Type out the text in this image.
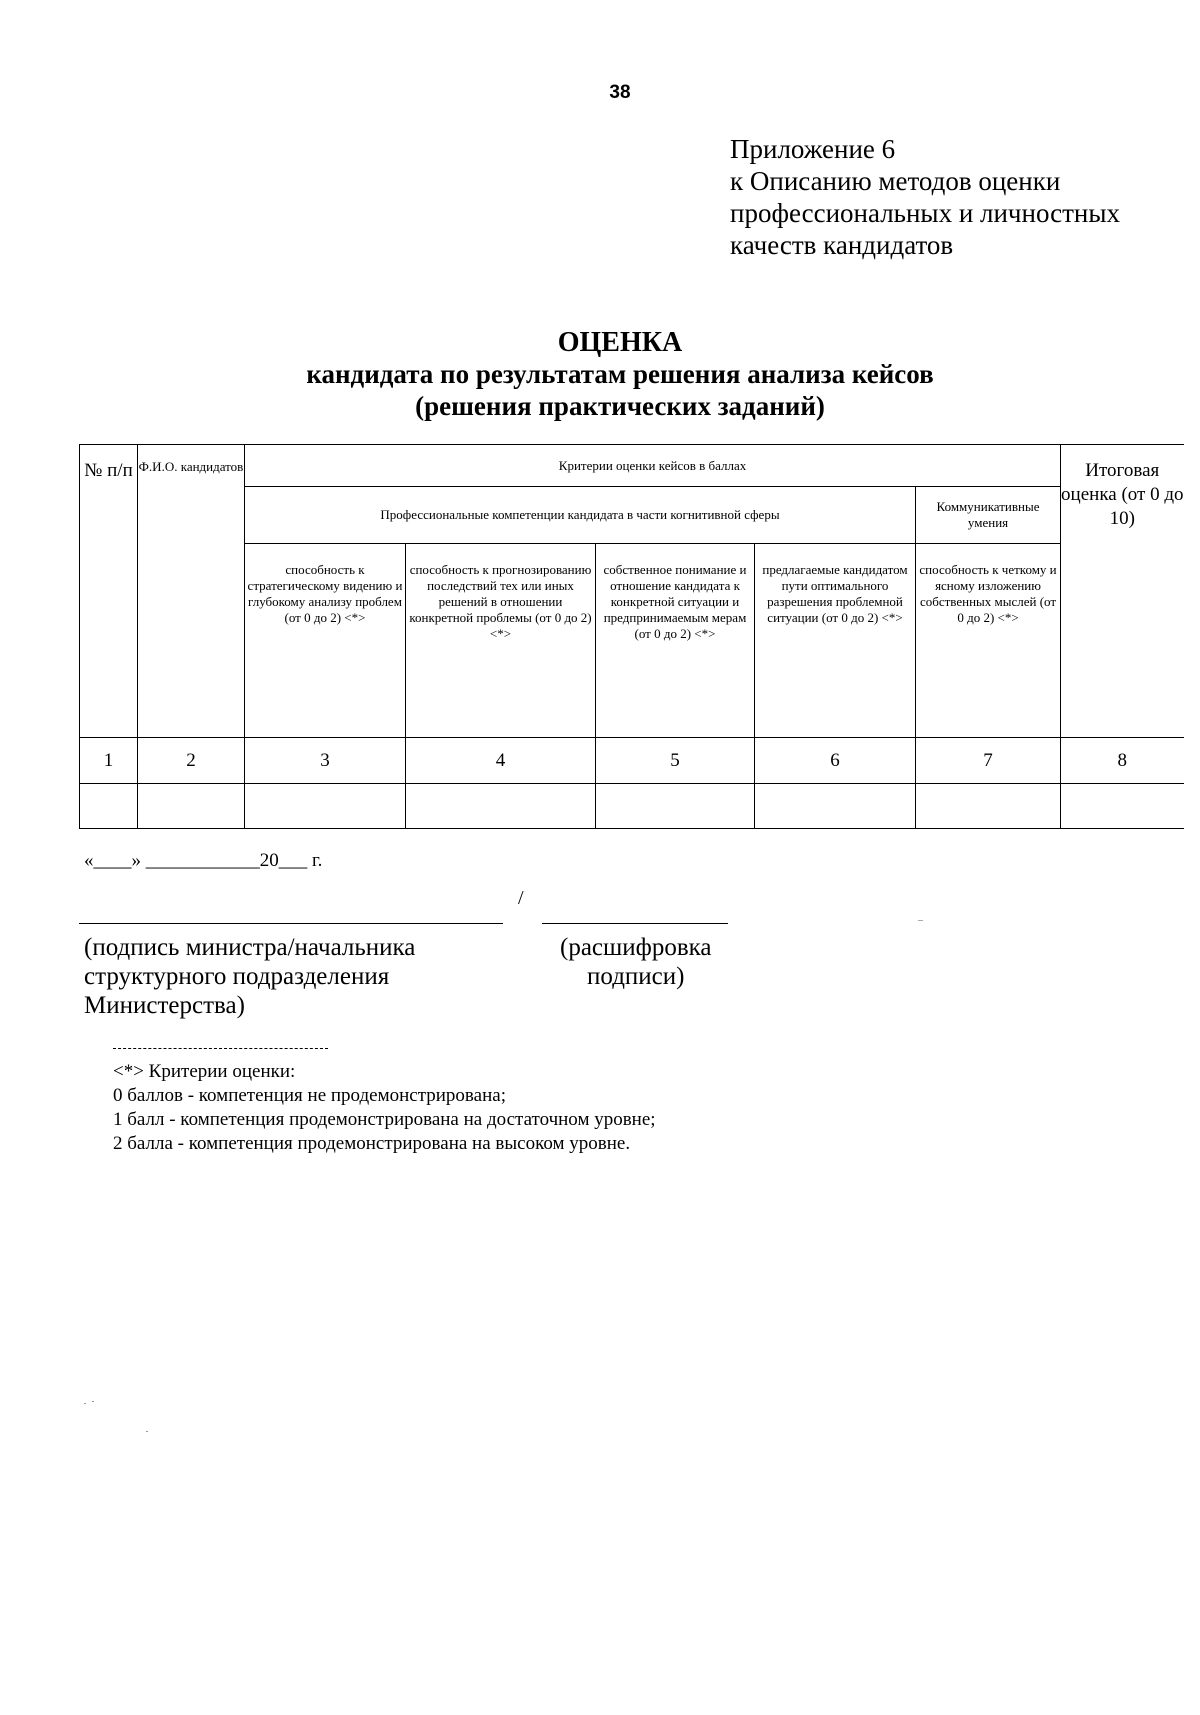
38
Приложение 6
к Описанию методов оценки
профессиональных и личностных
качеств кандидатов
ОЦЕНКА
кандидата по результатам решения анализа кейсов
(решения практических заданий)
№ п/п	Ф.И.О. кандидатов	Критерии оценки кейсов в баллах					Итоговая оценка (от 0 до 10)
		Профессиональные компетенции кандидата в части когнитивной сферы				Коммуникативные умения	
		способность к стратегическому видению и глубокому анализу проблем (от 0 до 2) <*>	способность к прогнозированию последствий тех или иных решений в отношении конкретной проблемы (от 0 до 2) <*>	собственное понимание и отношение кандидата к конкретной ситуации и предпринимаемым мерам (от 0 до 2) <*>	предлагаемые кандидатом пути оптимального разрешения проблемной ситуации (от 0 до 2) <*>	способность к четкому и ясному изложению собственных мыслей (от 0 до 2) <*>	
1	2	3	4	5	6	7	8

«____» ____________20___ г.
/
(подпись министра/начальника
структурного подразделения
Министерства)
(расшифровка
подписи)
<*> Критерии оценки:
0 баллов - компетенция не продемонстрирована;
1 балл - компетенция продемонстрирована на достаточном уровне;
2 балла - компетенция продемонстрирована на высоком уровне.
